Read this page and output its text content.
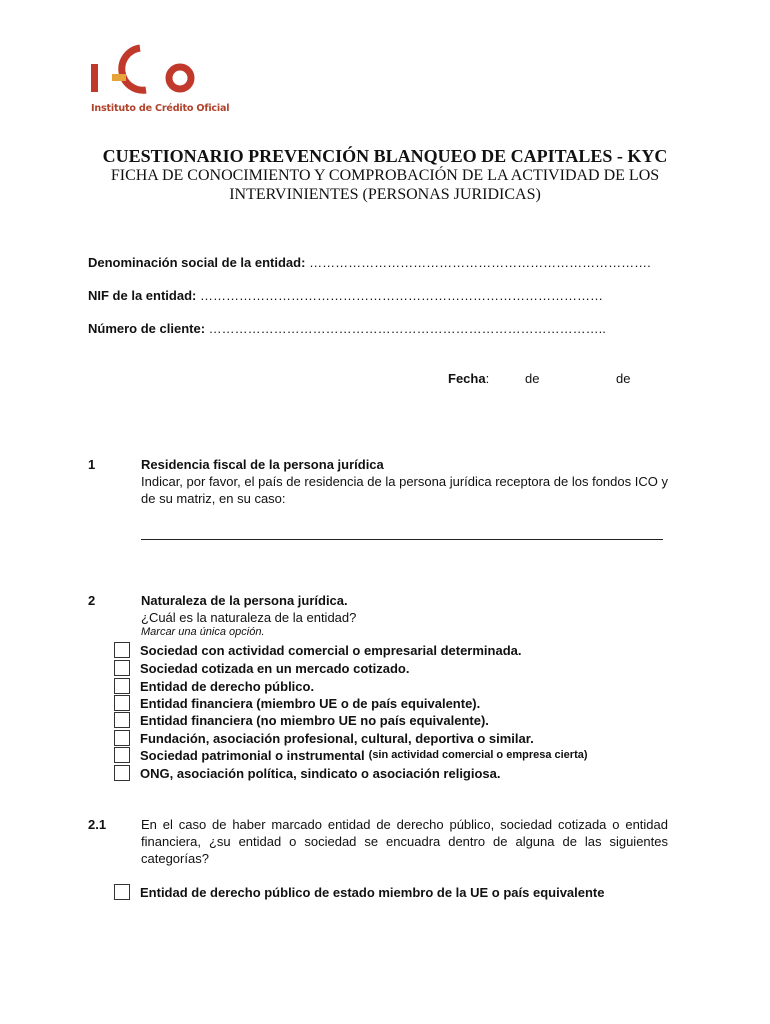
Instituto de Crédito Oficial
CUESTIONARIO PREVENCIÓN BLANQUEO DE CAPITALES - KYC
FICHA DE CONOCIMIENTO Y COMPROBACIÓN DE LA ACTIVIDAD DE LOS INTERVINIENTES (PERSONAS JURIDICAS)
Denominación social de la entidad: …………………………………………………………………….
NIF de la entidad: …………………………………………………………………………………
Número de cliente: ………………………………………………………………………………..
Fecha:	de	de
1	Residencia fiscal de la persona jurídica
Indicar, por favor, el país de residencia de la persona jurídica receptora de los fondos ICO y de su matriz, en su caso:
2	Naturaleza de la persona jurídica.
¿Cuál es la naturaleza de la entidad?
Marcar una única opción.
Sociedad con actividad comercial o empresarial determinada.
Sociedad cotizada en un mercado cotizado.
Entidad de derecho público.
Entidad financiera (miembro UE o de país equivalente).
Entidad financiera (no miembro UE no país equivalente).
Fundación, asociación profesional, cultural, deportiva o similar.
Sociedad patrimonial o instrumental (sin actividad comercial o empresa cierta)
ONG, asociación política, sindicato o asociación religiosa.
2.1	En el caso de haber marcado entidad de derecho público, sociedad cotizada o entidad financiera, ¿su entidad o sociedad se encuadra dentro de alguna de las siguientes categorías?
Entidad de derecho público de estado miembro de la UE o país equivalente
